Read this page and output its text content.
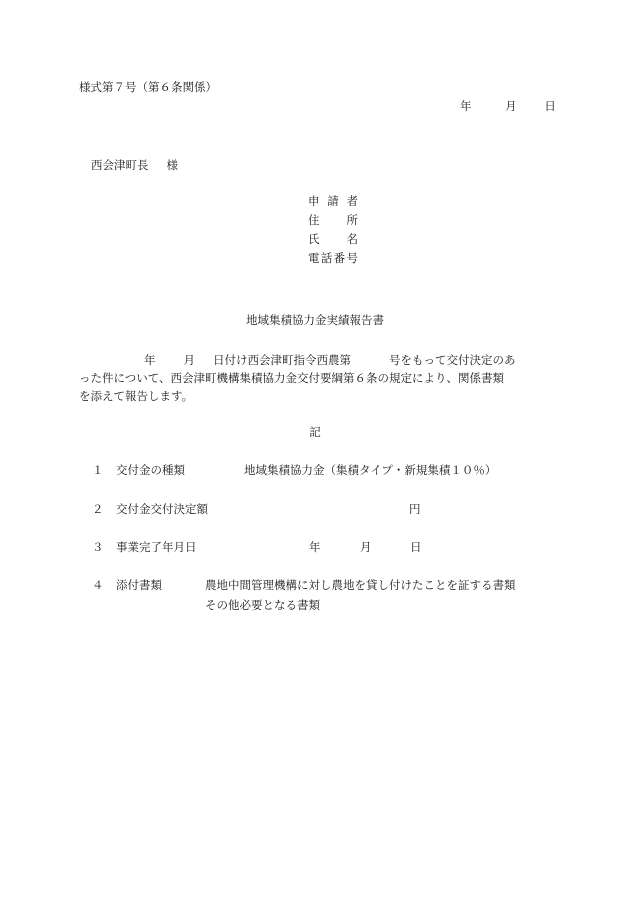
様式第７号（第６条関係）
年	月 日
西会津町長 様
申 請 者
住　　所
氏　　名
電話番号
地域集積協力金実績報告書
年 月 日付け西会津町指令西農第	号をもって交付決定のあ
った件について、西会津町機構集積協力金交付要綱第６条の規定により、関係書類
を添えて報告します。
記
１ 交付金の種類	地域集積協力金（集積タイプ・新規集積１０％）
２ 交付金交付決定額	円
３ 事業完了年月日	年	月	日
４ 添付書類	農地中間管理機構に対し農地を貸し付けたことを証する書類
その他必要となる書類
